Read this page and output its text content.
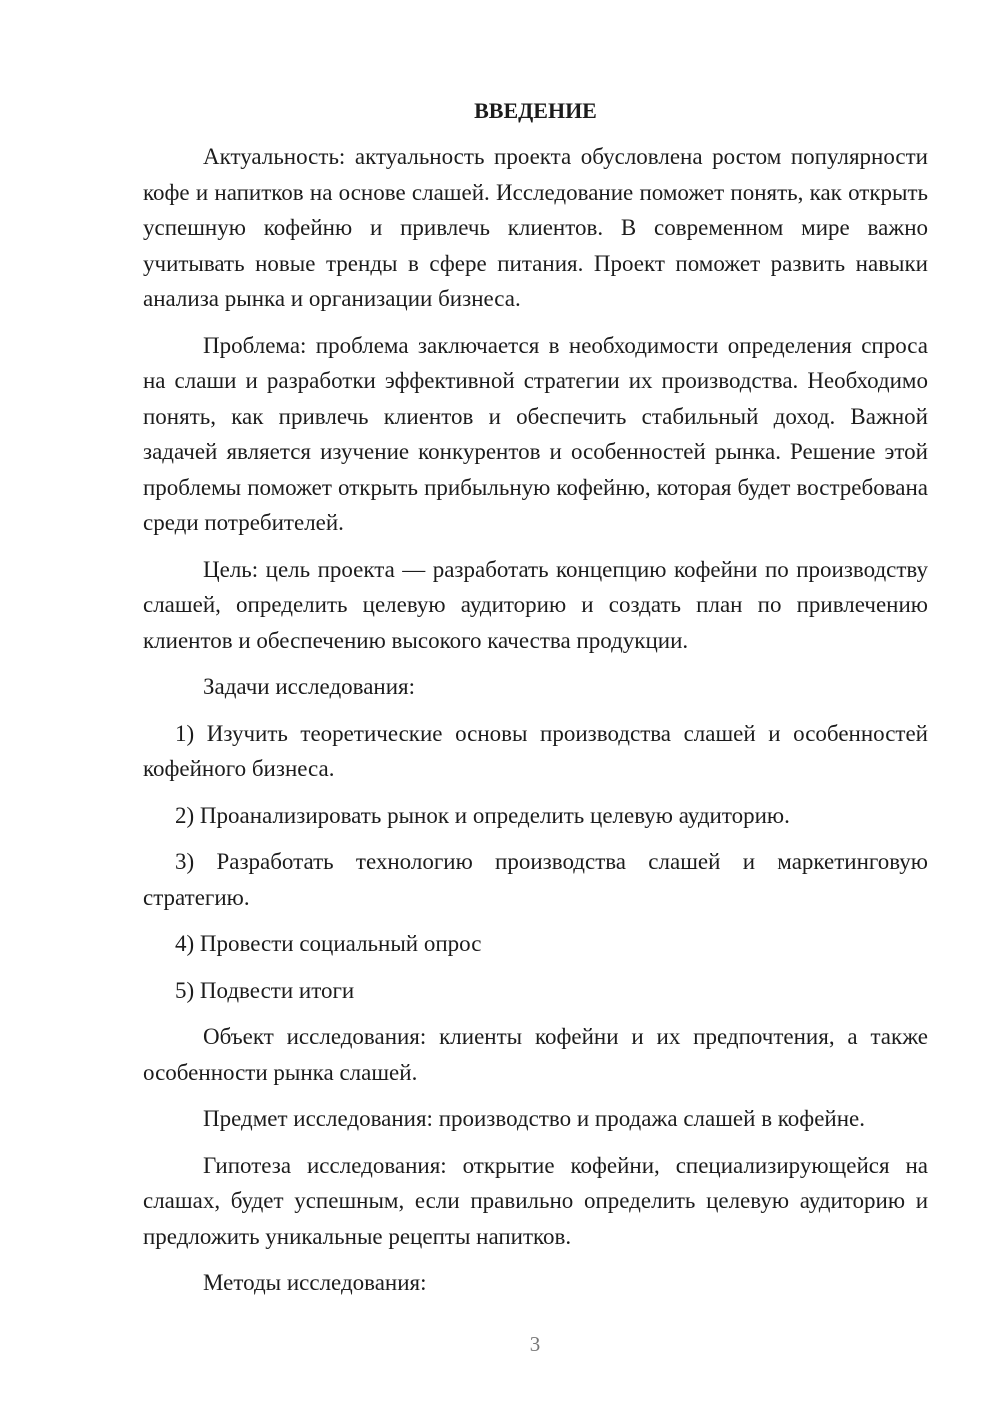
ВВЕДЕНИЕ

Актуальность: актуальность проекта обусловлена ростом популярности кофе и напитков на основе слашей. Исследование поможет понять, как открыть успешную кофейню и привлечь клиентов. В современном мире важно учитывать новые тренды в сфере питания. Проект поможет развить навыки анализа рынка и организации бизнеса.

Проблема: проблема заключается в необходимости определения спроса на слаши и разработки эффективной стратегии их производства. Необходимо понять, как привлечь клиентов и обеспечить стабильный доход. Важной задачей является изучение конкурентов и особенностей рынка. Решение этой проблемы поможет открыть прибыльную кофейню, которая будет востребована среди потребителей.

Цель: цель проекта — разработать концепцию кофейни по производству слашей, определить целевую аудиторию и создать план по привлечению клиентов и обеспечению высокого качества продукции.

Задачи исследования:

1) Изучить теоретические основы производства слашей и особенностей кофейного бизнеса.

2) Проанализировать рынок и определить целевую аудиторию.

3) Разработать технологию производства слашей и маркетинговую стратегию.

4) Провести социальный опрос

5) Подвести итоги

Объект исследования: клиенты кофейни и их предпочтения, а также особенности рынка слашей.

Предмет исследования: производство и продажа слашей в кофейне.

Гипотеза исследования: открытие кофейни, специализирующейся на слашах, будет успешным, если правильно определить целевую аудиторию и предложить уникальные рецепты напитков.

Методы исследования:

3
